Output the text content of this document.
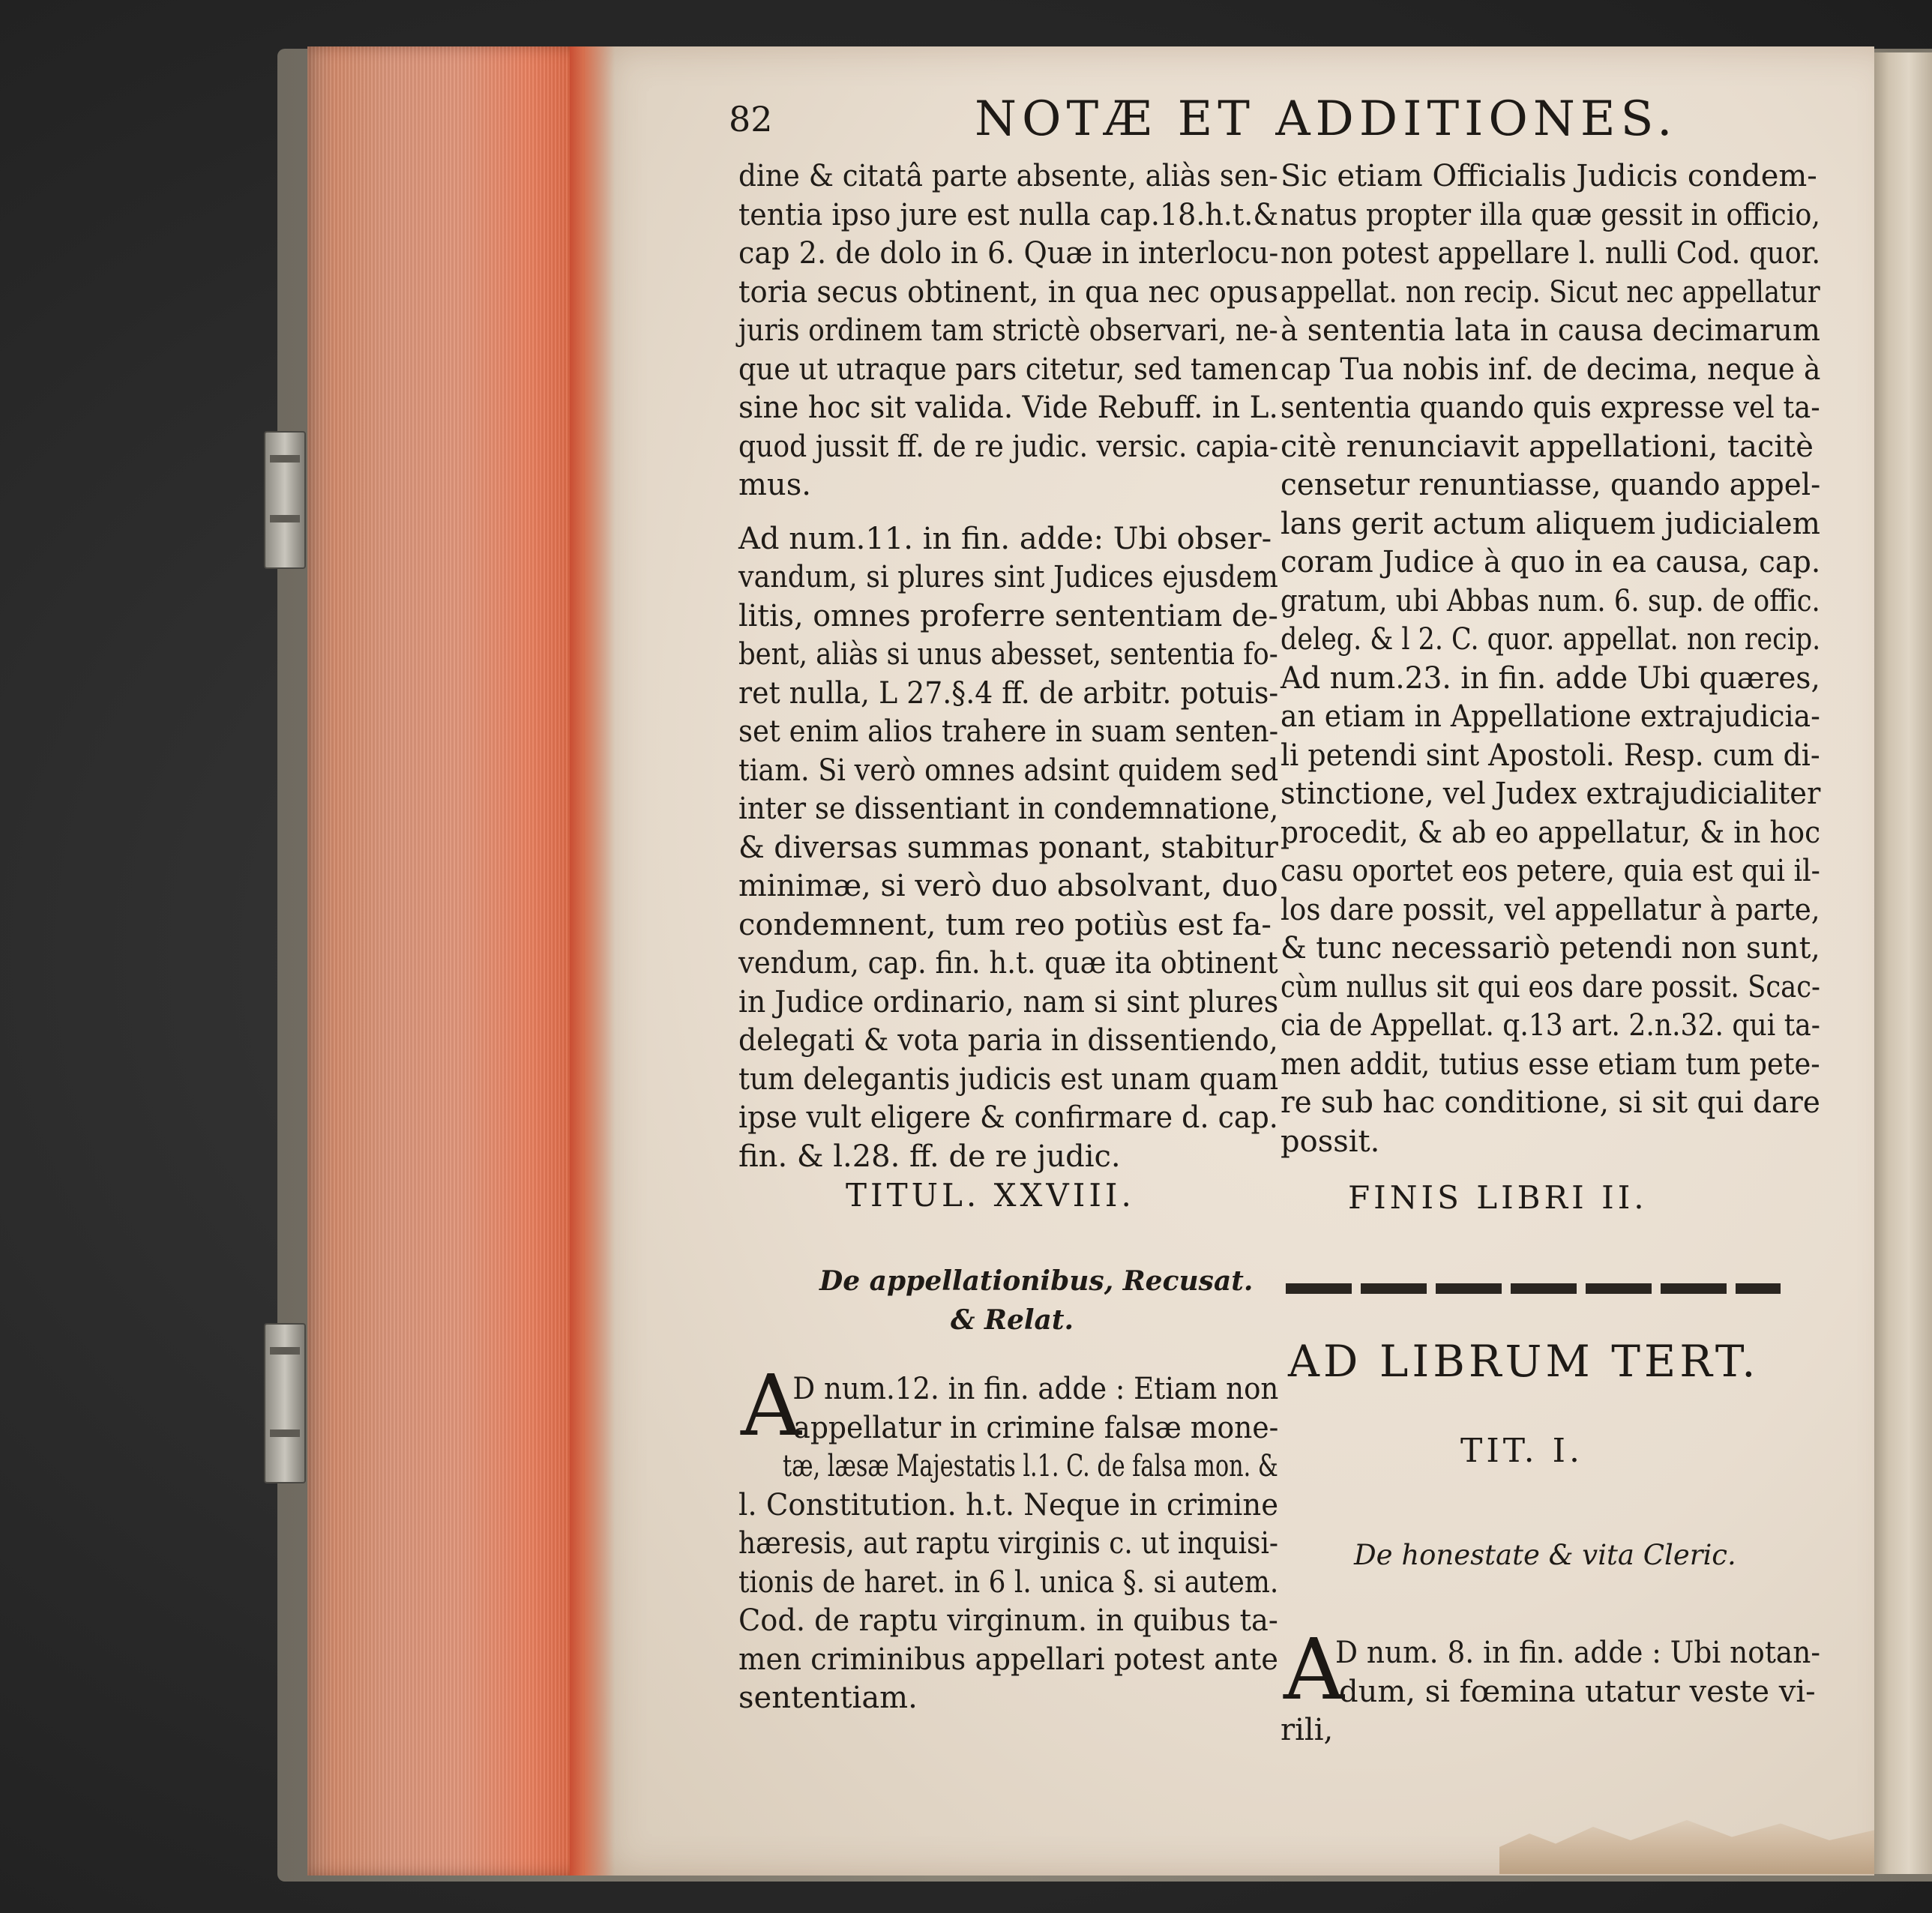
82	NOTÆ ET ADDITIONES.
dine & citatâ parte absente, aliàs sen-
tentia ipso jure est nulla cap.18.h.t.&
cap 2. de dolo in 6. Quæ in interlocu-
toria secus obtinent, in qua nec opus
juris ordinem tam strictè observari, ne-
que ut utraque pars citetur, sed tamen
sine hoc sit valida. Vide Rebuff. in L.
quod jussit ff. de re judic. versic. capia-
mus.
Ad num.11. in fin. adde: Ubi obser-
vandum, si plures sint Judices ejusdem
litis, omnes proferre sententiam de-
bent, aliàs si unus abesset, sententia fo-
ret nulla, L 27.§.4 ff. de arbitr. potuis-
set enim alios trahere in suam senten-
tiam. Si verò omnes adsint quidem sed
inter se dissentiant in condemnatione,
& diversas summas ponant, stabitur
minimæ, si verò duo absolvant, duo
condemnent, tum reo potiùs est fa-
vendum, cap. fin. h.t. quæ ita obtinent
in Judice ordinario, nam si sint plures
delegati & vota paria in dissentiendo,
tum delegantis judicis est unam quam
ipse vult eligere & confirmare d. cap.
fin. & l.28. ff. de re judic.
TITUL. XXVIII.
De appellationibus, Recusat.
& Relat.
A
D num.12. in fin. adde : Etiam non
appellatur in crimine falsæ mone-
tæ, læsæ Majestatis l.1. C. de falsa mon. &
l. Constitution. h.t. Neque in crimine
hæresis, aut raptu virginis c. ut inquisi-
tionis de haret. in 6 l. unica §. si autem.
Cod. de raptu virginum. in quibus ta-
men criminibus appellari potest ante
sententiam.
Sic etiam Officialis Judicis condem-
natus propter illa quæ gessit in officio,
non potest appellare l. nulli Cod. quor.
appellat. non recip. Sicut nec appellatur
à sententia lata in causa decimarum
cap Tua nobis inf. de decima, neque à
sententia quando quis expresse vel ta-
citè renunciavit appellationi, tacitè
censetur renuntiasse, quando appel-
lans gerit actum aliquem judicialem
coram Judice à quo in ea causa, cap.
gratum, ubi Abbas num. 6. sup. de offic.
deleg. & l 2. C. quor. appellat. non recip.
Ad num.23. in fin. adde Ubi quæres,
an etiam in Appellatione extrajudicia-
li petendi sint Apostoli. Resp. cum di-
stinctione, vel Judex extrajudicialiter
procedit, & ab eo appellatur, & in hoc
casu oportet eos petere, quia est qui il-
los dare possit, vel appellatur à parte,
& tunc necessariò petendi non sunt,
cùm nullus sit qui eos dare possit. Scac-
cia de Appellat. q.13 art. 2.n.32. qui ta-
men addit, tutius esse etiam tum pete-
re sub hac conditione, si sit qui dare
possit.
FINIS LIBRI II.
AD LIBRUM TERT.
TIT. I.
De honestate & vita Cleric.
A
D num. 8. in fin. adde : Ubi notan-
dum, si fœmina utatur veste vi-
rili,
